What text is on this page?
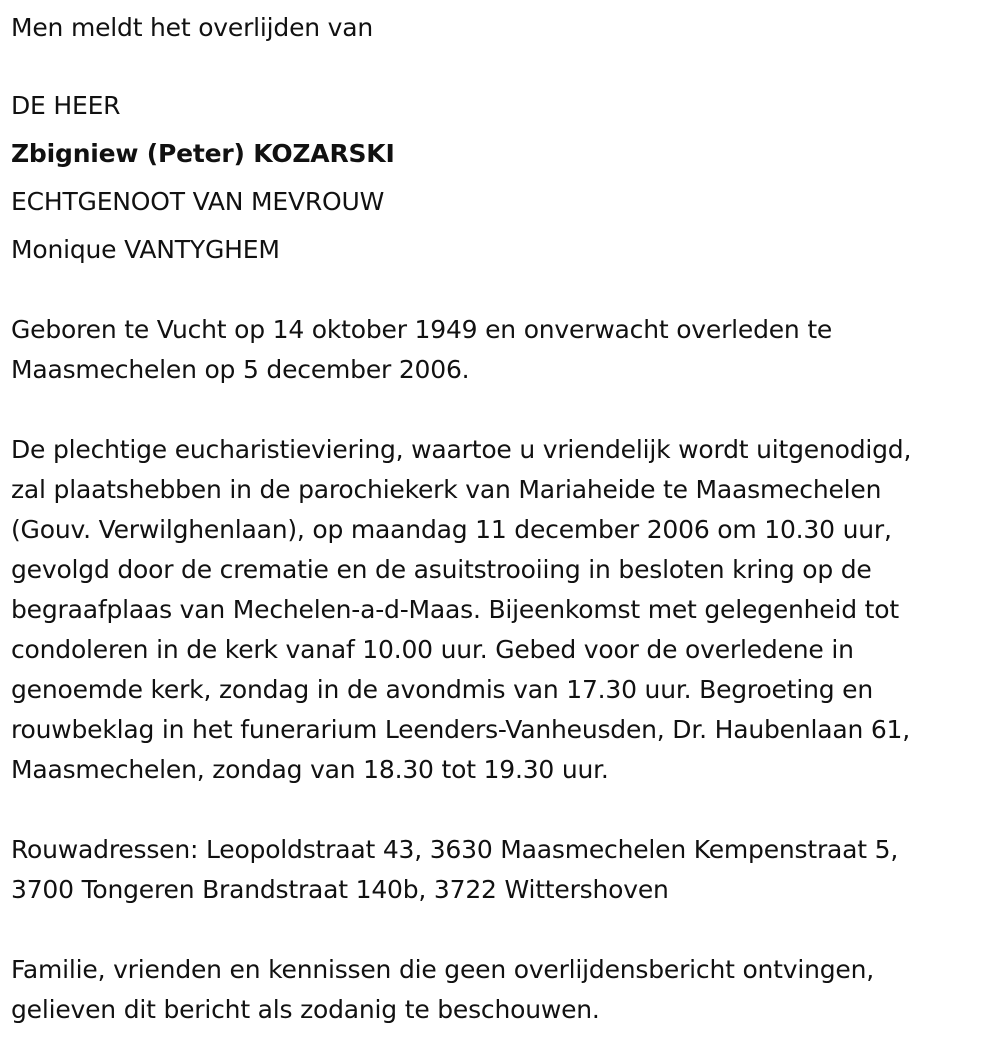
Men meldt het overlijden van

DE HEER

Zbigniew (Peter) KOZARSKI

ECHTGENOOT VAN MEVROUW

Monique VANTYGHEM

Geboren te Vucht op 14 oktober 1949 en onverwacht overleden te

Maasmechelen op 5 december 2006.

De plechtige eucharistieviering, waartoe u vriendelijk wordt uitgenodigd,

zal plaatshebben in de parochiekerk van Mariaheide te Maasmechelen

(Gouv. Verwilghenlaan), op maandag 11 december 2006 om 10.30 uur,

gevolgd door de crematie en de asuitstrooiing in besloten kring op de

begraafplaas van Mechelen-a-d-Maas. Bijeenkomst met gelegenheid tot

condoleren in de kerk vanaf 10.00 uur. Gebed voor de overledene in

genoemde kerk, zondag in de avondmis van 17.30 uur. Begroeting en

rouwbeklag in het funerarium Leenders-Vanheusden, Dr. Haubenlaan 61,

Maasmechelen, zondag van 18.30 tot 19.30 uur.

Rouwadressen: Leopoldstraat 43, 3630 Maasmechelen Kempenstraat 5,

3700 Tongeren Brandstraat 140b, 3722 Wittershoven

Familie, vrienden en kennissen die geen overlijdensbericht ontvingen,

gelieven dit bericht als zodanig te beschouwen.
